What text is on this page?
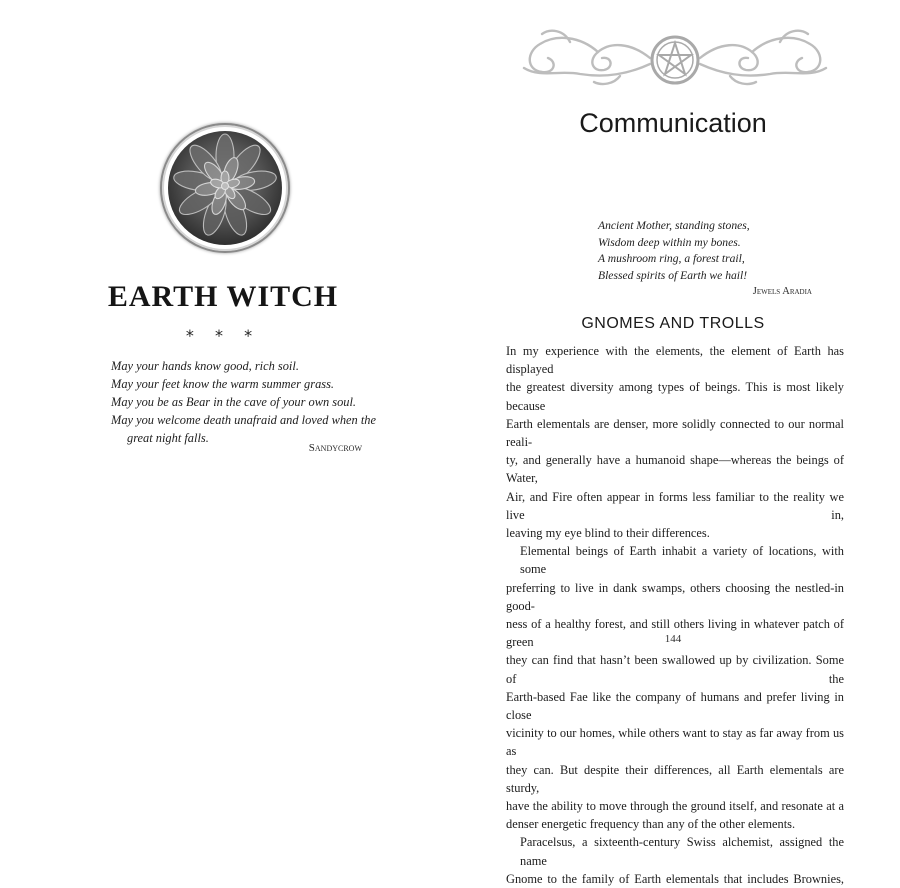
EARTH WITCH
* * *
May your hands know good, rich soil.
May your feet know the warm summer grass.
May you be as Bear in the cave of your own soul.
May you welcome death unafraid and loved when the
great night falls.
Sandycrow
Communication
Ancient Mother, standing stones,
Wisdom deep within my bones.
A mushroom ring, a forest trail,
Blessed spirits of Earth we hail!
Jewels Aradia
GNOMES AND TROLLS
In my experience with the elements, the element of Earth has displayed
the greatest diversity among types of beings. This is most likely because
Earth elementals are denser, more solidly connected to our normal reali-
ty, and generally have a humanoid shape—whereas the beings of Water,
Air, and Fire often appear in forms less familiar to the reality we live in,
leaving my eye blind to their differences.
Elemental beings of Earth inhabit a variety of locations, with some
preferring to live in dank swamps, others choosing the nestled-in good-
ness of a healthy forest, and still others living in whatever patch of green
they can find that hasn’t been swallowed up by civilization. Some of the
Earth-based Fae like the company of humans and prefer living in close
vicinity to our homes, while others want to stay as far away from us as
they can. But despite their differences, all Earth elementals are sturdy,
have the ability to move through the ground itself, and resonate at a
denser energetic frequency than any of the other elements.
Paracelsus, a sixteenth-century Swiss alchemist, assigned the name
Gnome to the family of Earth elementals that includes Brownies,
144
